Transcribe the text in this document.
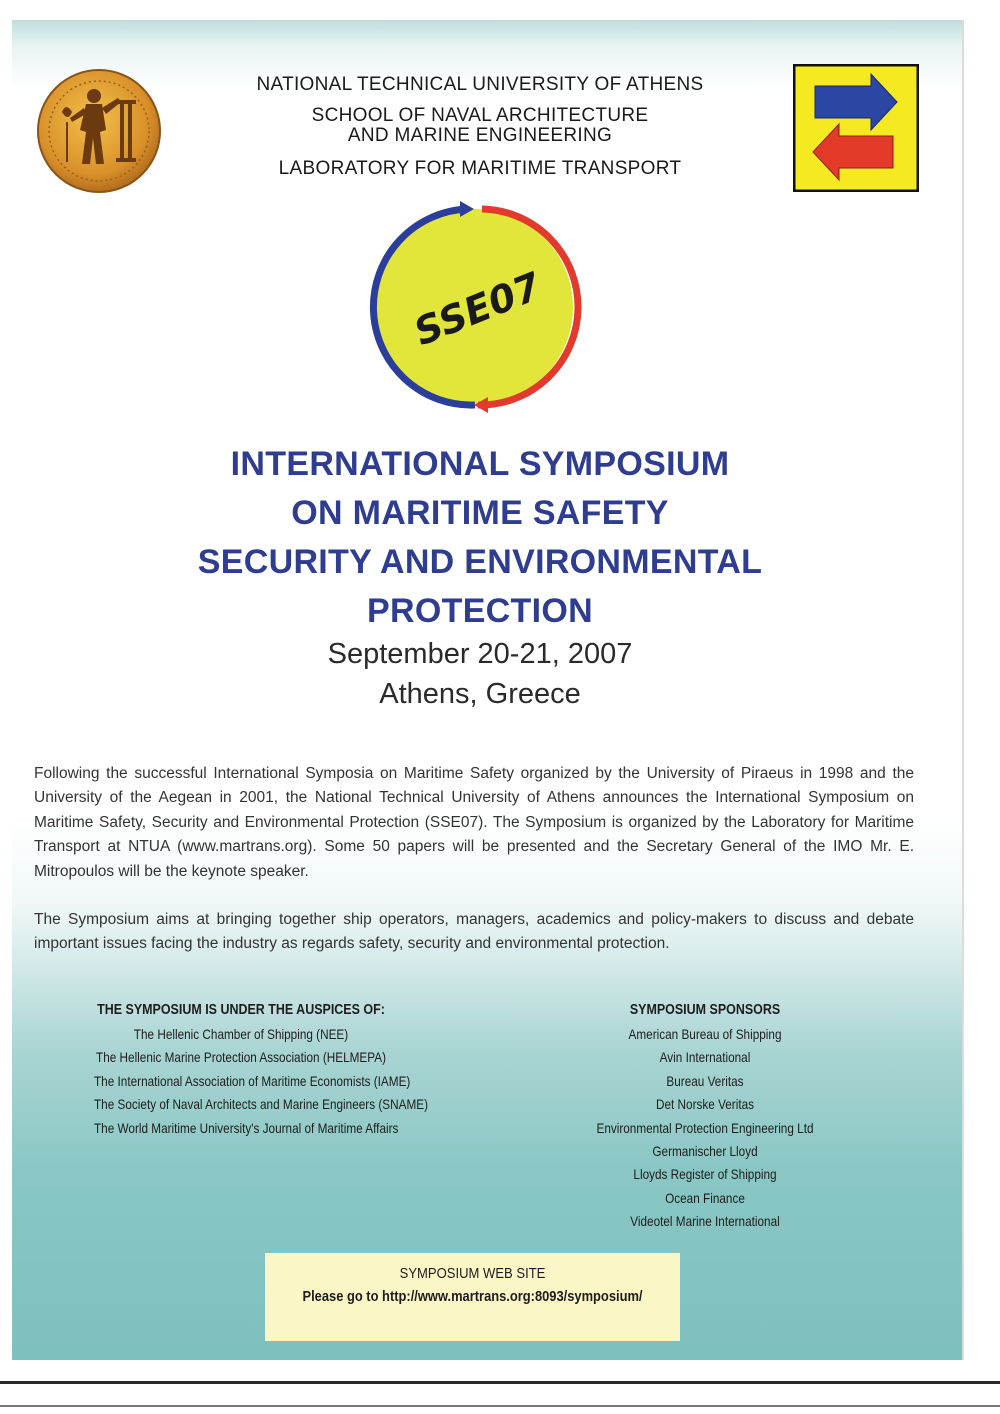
NATIONAL TECHNICAL UNIVERSITY OF ATHENS
SCHOOL OF NAVAL ARCHITECTURE
AND MARINE ENGINEERING
LABORATORY FOR MARITIME TRANSPORT
SSE07
INTERNATIONAL SYMPOSIUM
ON MARITIME SAFETY
SECURITY AND ENVIRONMENTAL
PROTECTION
September 20-21, 2007
Athens, Greece
Following the successful International Symposia on Maritime Safety organized by the University of Piraeus in 1998 and the University of the Aegean in 2001, the National Technical University of Athens announces the International Symposium on Maritime Safety, Security and Environmental Protection (SSE07). The Symposium is organized by the Laboratory for Maritime Transport at NTUA (www.martrans.org). Some 50 papers will be presented and the Secretary General of the IMO Mr. E. Mitropoulos will be the keynote speaker.
The Symposium aims at bringing together ship operators, managers, academics and policy-makers to discuss and debate important issues facing the industry as regards safety, security and environmental protection.
THE SYMPOSIUM IS UNDER THE AUSPICES OF:
The Hellenic Chamber of Shipping (NEE)
The Hellenic Marine Protection Association (HELMEPA)
The International Association of Maritime Economists (IAME)
The Society of Naval Architects and Marine Engineers (SNAME)
The World Maritime University's Journal of Maritime Affairs
SYMPOSIUM SPONSORS
American Bureau of Shipping
Avin International
Bureau Veritas
Det Norske Veritas
Environmental Protection Engineering Ltd
Germanischer Lloyd
Lloyds Register of Shipping
Ocean Finance
Videotel Marine International
SYMPOSIUM WEB SITE
Please go to http://www.martrans.org:8093/symposium/
